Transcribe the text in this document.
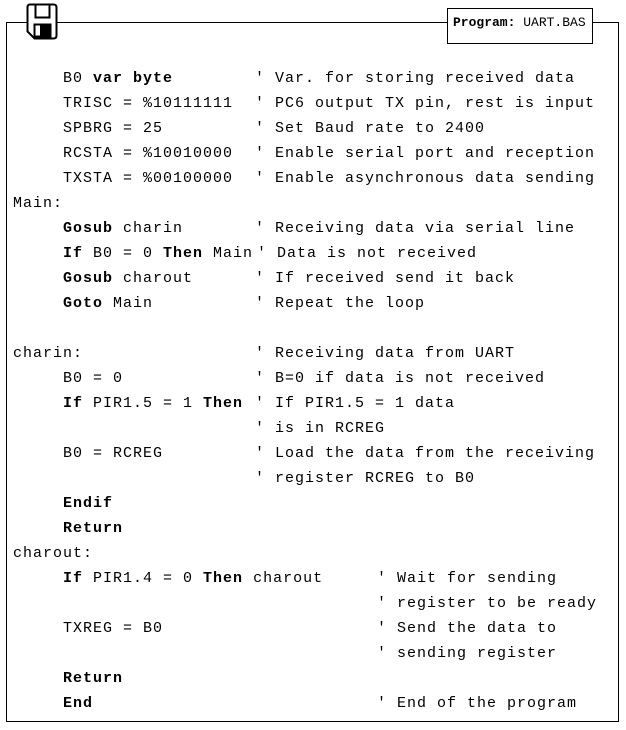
Program: UART.BAS
B0 var byte	' Var. for storing received data
TRISC = %10111111 ' PC6 output TX pin, rest is input
SPBRG = 25	' Set Baud rate to 2400
RCSTA = %10010000 ' Enable serial port and reception
TXSTA = %00100000 ' Enable asynchronous data sending
Main:
Gosub charin	' Receiving data via serial line
If B0 = 0 Then Main ' Data is not received
Gosub charout	' If received send it back
Goto Main	' Repeat the loop
charin:	' Receiving data from UART
B0 = 0	' B=0 if data is not received
If PIR1.5 = 1 Then ' If PIR1.5 = 1 data
' is in RCREG
B0 = RCREG	' Load the data from the receiving
' register RCREG to B0
Endif
Return
charout:
If PIR1.4 = 0 Then charout	' Wait for sending
' register to be ready
TXREG = B0	' Send the data to
' sending register
Return
End	' End of the program
